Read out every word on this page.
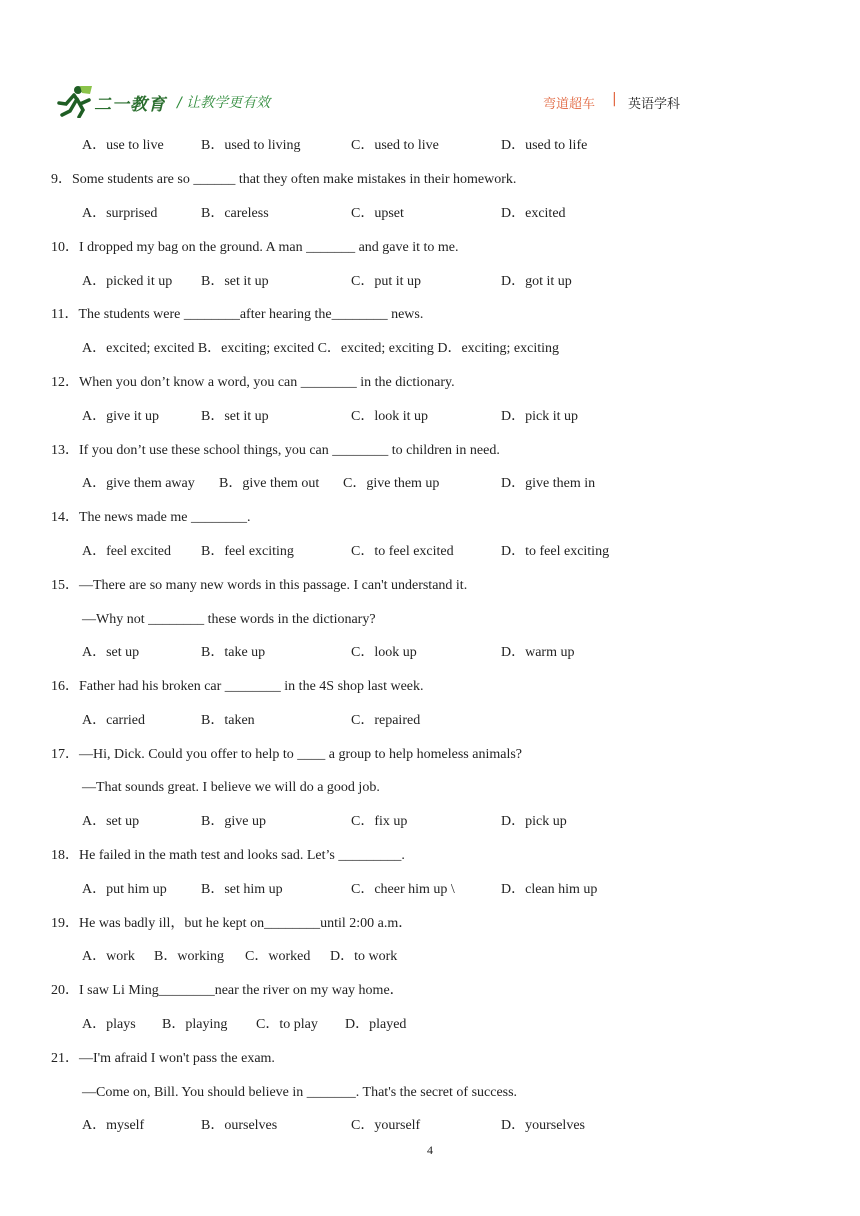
二一教育 / 让教学更有效	弯道超车 | 英语学科
A．use to live	B．used to living	C．used to live	D．used to life
9．Some students are so ______ that they often make mistakes in their homework.
A．surprised	B．careless	C．upset	D．excited
10．I dropped my bag on the ground. A man _______ and gave it to me.
A．picked it up B．set it up	C．put it up	D．got it up
11．The students were ________after hearing the________ news.
A．excited; excited B．exciting; excited C．excited; exciting D．exciting; exciting
12．When you don’t know a word, you can ________ in the dictionary.
A．give it up	B．set it up	C．look it up	D．pick it up
13．If you don’t use these school things, you can ________ to children in need.
A．give them away B．give them out C．give them up	D．give them in
14．The news made me ________.
A．feel excited B．feel exciting	C．to feel excited	D．to feel exciting
15．—There are so many new words in this passage. I can't understand it.
—Why not ________ these words in the dictionary?
A．set up	B．take up	C．look up	D．warm up
16．Father had his broken car ________ in the 4S shop last week.
A．carried	B．taken	C．repaired
17．—Hi, Dick. Could you offer to help to ____ a group to help homeless animals?
—That sounds great. I believe we will do a good job.
A．set up	B．give up	C．fix up	D．pick up
18．He failed in the math test and looks sad. Let’s _________.
A．put him up B．set him up	C．cheer him up \	D．clean him up
19．He was badly ill，but he kept on________until 2:00 a.m．
A．work B．working C．worked D．to work
20．I saw Li Ming________near the river on my way home．
A．plays B．playing C．to play D．played
21．—I'm afraid I won't pass the exam.
—Come on, Bill. You should believe in _______. That's the secret of success.
A．myself	B．ourselves	C．yourself	D．yourselves
4
